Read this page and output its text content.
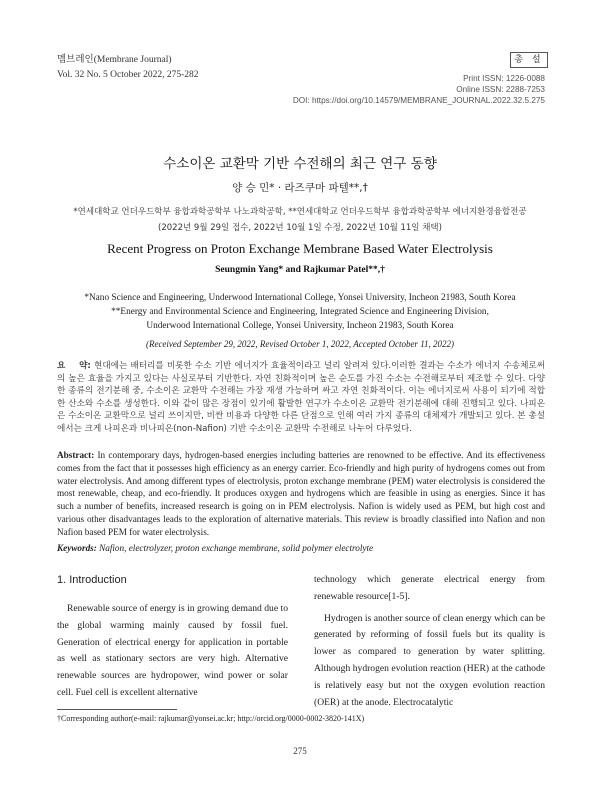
멤브레인(Membrane Journal)
Vol. 32 No. 5 October 2022, 275-282
총 설
Print ISSN: 1226-0088
Online ISSN: 2288-7253
DOI: https://doi.org/10.14579/MEMBRANE_JOURNAL.2022.32.5.275
수소이온 교환막 기반 수전해의 최근 연구 동향
양 승 민* · 라즈쿠마 파텔**,†
*연세대학교 언더우드학부 융합과학공학부 나노과학공학, **연세대학교 언더우드학부 융합과학공학부 에너지환경융합전공
(2022년 9월 29일 접수, 2022년 10월 1일 수정, 2022년 10월 11일 채택)
Recent Progress on Proton Exchange Membrane Based Water Electrolysis
Seungmin Yang* and Rajkumar Patel**,†
*Nano Science and Engineering, Underwood International College, Yonsei University, Incheon 21983, South Korea
**Energy and Environmental Science and Engineering, Integrated Science and Engineering Division,
Underwood International College, Yonsei University, Incheon 21983, South Korea
(Received September 29, 2022, Revised October 1, 2022, Accepted October 11, 2022)
요    약: 현대에는 배터리를 비롯한 수소 기반 에너지가 효율적이라고 널리 알려져 있다.이러한 결과는 수소가 에너지 수송체로써의 높은 효율을 가지고 있다는 사실로부터 기반한다. 자연 친화적이며 높은 순도를 가진 수소는 수전해로부터 제조할 수 있다. 다양한 종류의 전기분해 중, 수소이온 교환막 수전해는 가장 재생 가능하며 싸고 자연 친화적이다. 이는 에너지로써 사용이 되기에 적합한 산소와 수소를 생성한다. 이와 같이 많은 장점이 있기에 활발한 연구가 수소이온 교환막 전기분해에 대해 진행되고 있다. 나피온은 수소이온 교환막으로 널리 쓰이지만, 비싼 비용과 다양한 다른 단점으로 인해 여러 가지 종류의 대체제가 개발되고 있다. 본 총설에서는 크게 나피온과 비나피온(non-Nafion) 기반 수소이온 교환막 수전해로 나누어 다루었다.
Abstract: In contemporary days, hydrogen-based energies including batteries are renowned to be effective. And its effectiveness comes from the fact that it possesses high efficiency as an energy carrier. Eco-friendly and high purity of hydrogens comes out from water electrolysis. And among different types of electrolysis, proton exchange membrane (PEM) water electrolysis is considered the most renewable, cheap, and eco-friendly. It produces oxygen and hydrogens which are feasible in using as energies. Since it has such a number of benefits, increased research is going on in PEM electrolysis. Nafion is widely used as PEM, but high cost and various other disadvantages leads to the exploration of alternative materials. This review is broadly classified into Nafion and non Nafion based PEM for water electrolysis.
Keywords: Nafion, electrolyzer, proton exchange membrane, solid polymer electrolyte
1. Introduction

Renewable source of energy is in growing demand due to the global warming mainly caused by fossil fuel. Generation of electrical energy for application in portable as well as stationary sectors are very high. Alternative renewable sources are hydropower, wind power or solar cell. Fuel cell is excellent alternative

technology which generate electrical energy from renewable resource[1-5].

Hydrogen is another source of clean energy which can be generated by reforming of fossil fuels but its quality is lower as compared to generation by water splitting. Although hydrogen evolution reaction (HER) at the cathode is relatively easy but not the oxygen evolution reaction (OER) at the anode. Electrocatalytic

†Corresponding author(e-mail: rajkumar@yonsei.ac.kr; http://orcid.org/0000-0002-3820-141X)
275
